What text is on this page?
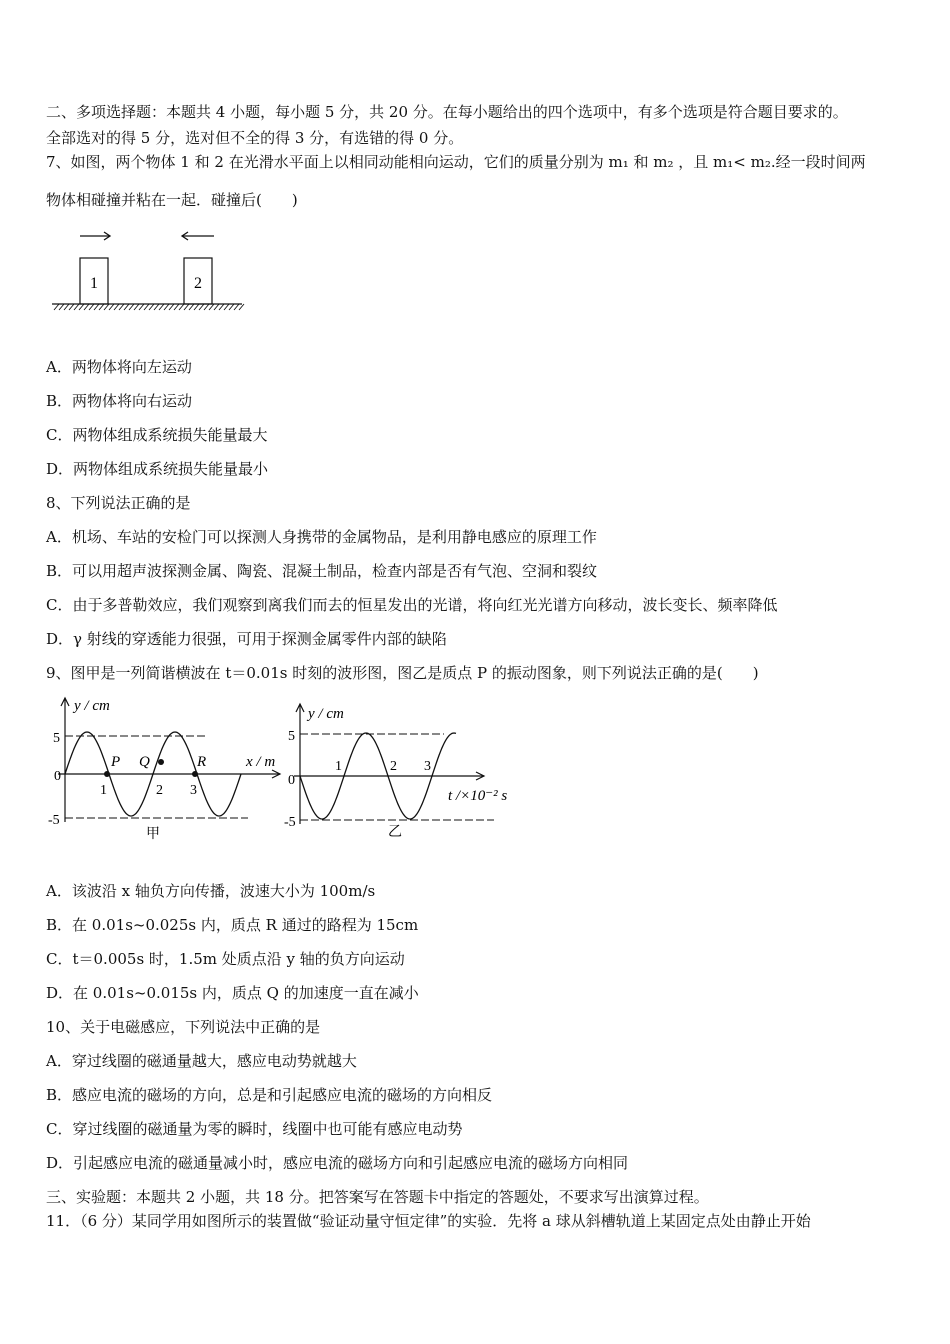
二、多项选择题：本题共 4 小题，每小题 5 分，共 20 分。在每小题给出的四个选项中，有多个选项是符合题目要求的。
全部选对的得 5 分，选对但不全的得 3 分，有选错的得 0 分。
7、如图，两个物体 1 和 2 在光滑水平面上以相同动能相向运动，它们的质量分别为 m₁ 和 m₂ ，且 m₁< m₂.经一段时间两
物体相碰撞并粘在一起．碰撞后(　　)
1	2
A．两物体将向左运动
B．两物体将向右运动
C．两物体组成系统损失能量最大
D．两物体组成系统损失能量最小
8、下列说法正确的是
A．机场、车站的安检门可以探测人身携带的金属物品，是利用静电感应的原理工作
B．可以用超声波探测金属、陶瓷、混凝土制品，检查内部是否有气泡、空洞和裂纹
C．由于多普勒效应，我们观察到离我们而去的恒星发出的光谱，将向红光光谱方向移动，波长变长、频率降低
D．γ 射线的穿透能力很强，可用于探测金属零件内部的缺陷
9、图甲是一列简谐横波在 t＝0.01s 时刻的波形图，图乙是质点 P 的振动图象，则下列说法正确的是(　　)
y / cm
x / m
5
0
-5
1	2 3
P Q	R
甲
y / cm
t /×10⁻² s
5
0
-5
1	2 3
乙
A．该波沿 x 轴负方向传播，波速大小为 100m/s
B．在 0.01s~0.025s 内，质点 R 通过的路程为 15cm
C．t＝0.005s 时，1.5m 处质点沿 y 轴的负方向运动
D．在 0.01s~0.015s 内，质点 Q 的加速度一直在减小
10、关于电磁感应，下列说法中正确的是
A．穿过线圈的磁通量越大，感应电动势就越大
B．感应电流的磁场的方向，总是和引起感应电流的磁场的方向相反
C．穿过线圈的磁通量为零的瞬时，线圈中也可能有感应电动势
D．引起感应电流的磁通量减小时，感应电流的磁场方向和引起感应电流的磁场方向相同
三、实验题：本题共 2 小题，共 18 分。把答案写在答题卡中指定的答题处，不要求写出演算过程。
11．（6 分）某同学用如图所示的装置做“验证动量守恒定律”的实验．先将 a 球从斜槽轨道上某固定点处由静止开始
